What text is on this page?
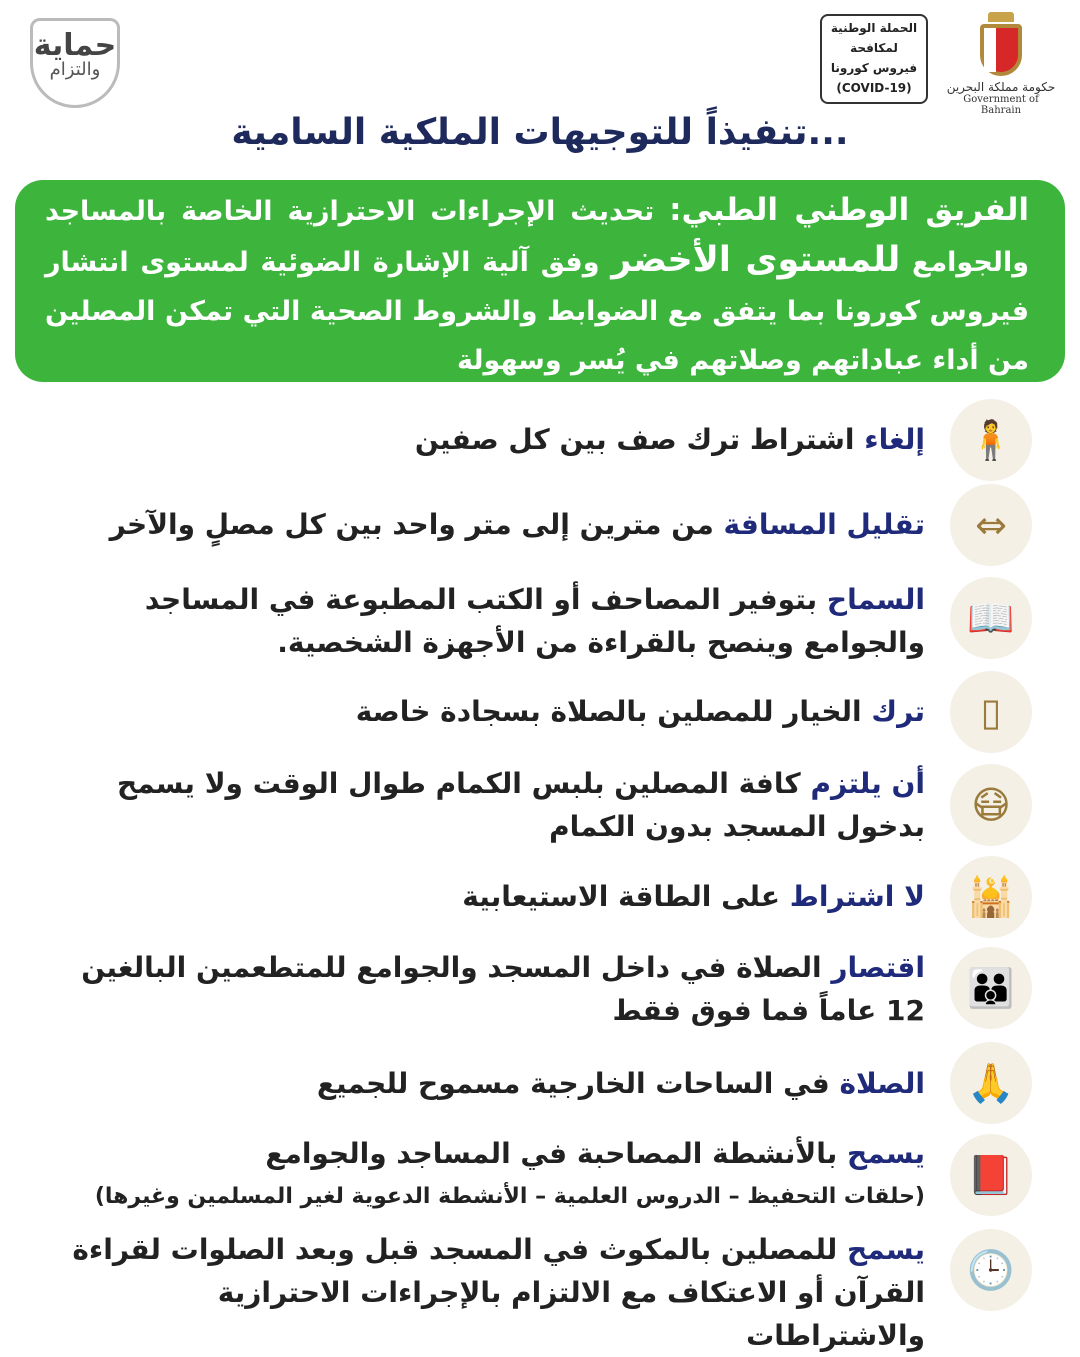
حماية
والتزام
الحملة الوطنية
لمكافحة
فيروس كورونا
(COVID-19)	حكومة مملكة البحرين
Government of Bahrain
تنفيذاً للتوجيهات الملكية السامية...
الفريق الوطني الطبي: تحديث الإجراءات الاحترازية الخاصة بالمساجد والجوامع للمستوى الأخضر وفق آلية الإشارة الضوئية لمستوى انتشار فيروس كورونا بما يتفق مع الضوابط والشروط الصحية التي تمكن المصلين من أداء عباداتهم وصلاتهم في يُسر وسهولة
🧍
إلغاء اشتراط ترك صف بين كل صفين
⇔
تقليل المسافة من مترين إلى متر واحد بين كل مصلٍ والآخر
📖
السماح بتوفير المصاحف أو الكتب المطبوعة في المساجد والجوامع وينصح بالقراءة من الأجهزة الشخصية.
▯
ترك الخيار للمصلين بالصلاة بسجادة خاصة
😷
أن يلتزم كافة المصلين بلبس الكمام طوال الوقت ولا يسمح بدخول المسجد بدون الكمام
🕌
لا اشتراط على الطاقة الاستيعابية
👪
اقتصار الصلاة في داخل المسجد والجوامع للمتطعمين البالغين 12 عاماً فما فوق فقط
🙏
الصلاة في الساحات الخارجية مسموح للجميع
📕
يسمح بالأنشطة المصاحبة في المساجد والجوامع
(حلقات التحفيظ – الدروس العلمية – الأنشطة الدعوية لغير المسلمين وغيرها)
🕒
يسمح للمصلين بالمكوث في المسجد قبل وبعد الصلوات لقراءة القرآن أو الاعتكاف مع الالتزام بالإجراءات الاحترازية والاشتراطات
